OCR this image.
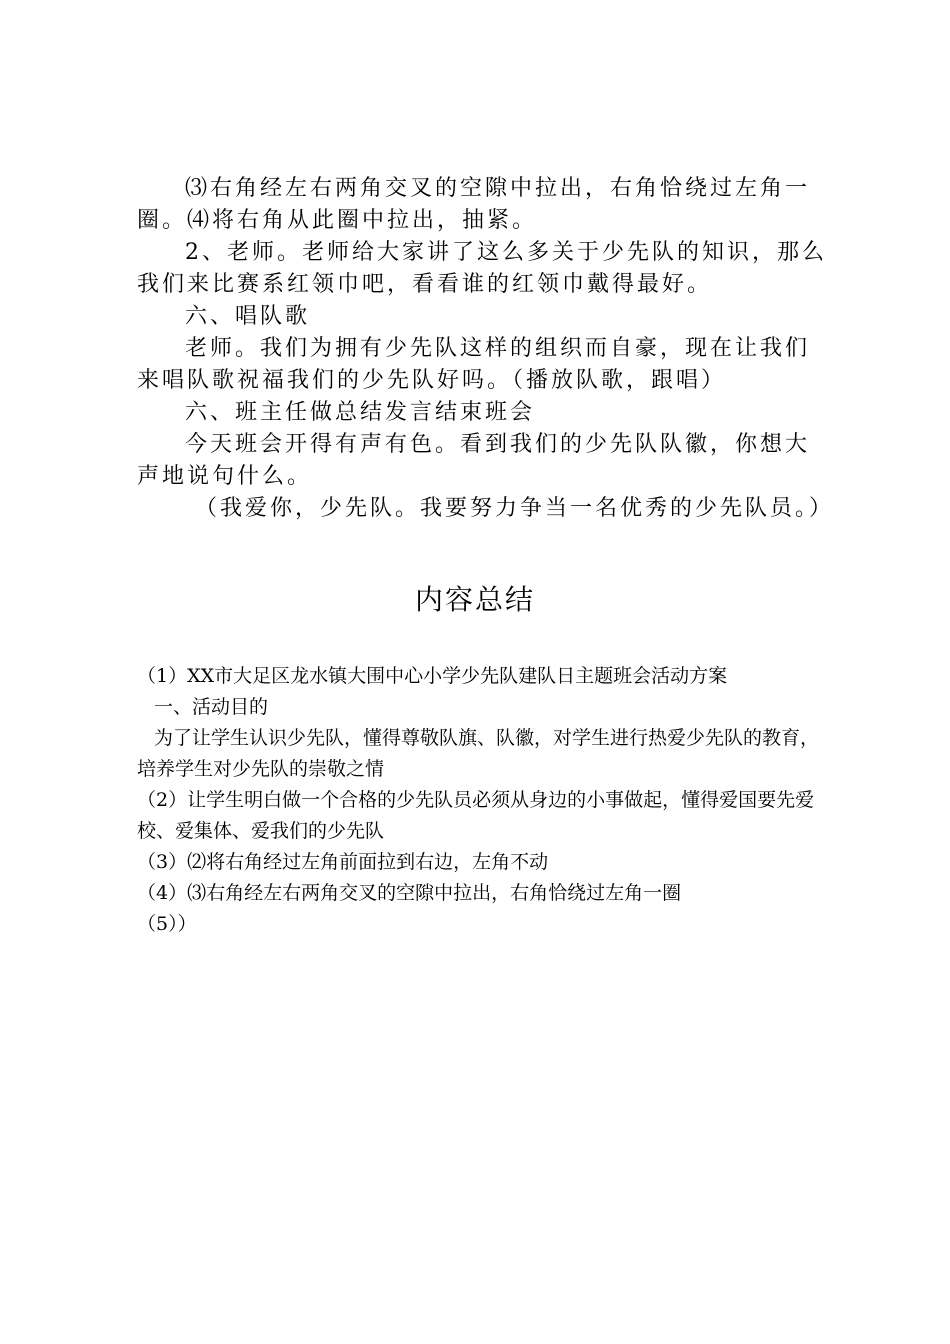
⑶右角经左右两角交叉的空隙中拉出，右角恰绕过左角一圈。⑷将右角从此圈中拉出，抽紧。

2、老师。老师给大家讲了这么多关于少先队的知识，那么我们来比赛系红领巾吧，看看谁的红领巾戴得最好。

六、唱队歌

老师。我们为拥有少先队这样的组织而自豪，现在让我们来唱队歌祝福我们的少先队好吗。（播放队歌，跟唱）

六、班主任做总结发言结束班会

今天班会开得有声有色。看到我们的少先队队徽，你想大声地说句什么。

（我爱你，少先队。我要努力争当一名优秀的少先队员。）

内容总结

（1）XX市大足区龙水镇大围中心小学少先队建队日主题班会活动方案

一、活动目的

为了让学生认识少先队，懂得尊敬队旗、队徽，对学生进行热爱少先队的教育，培养学生对少先队的崇敬之情

（2）让学生明白做一个合格的少先队员必须从身边的小事做起，懂得爱国要先爱校、爱集体、爱我们的少先队

（3）⑵将右角经过左角前面拉到右边，左角不动

（4）⑶右角经左右两角交叉的空隙中拉出，右角恰绕过左角一圈

（5））
